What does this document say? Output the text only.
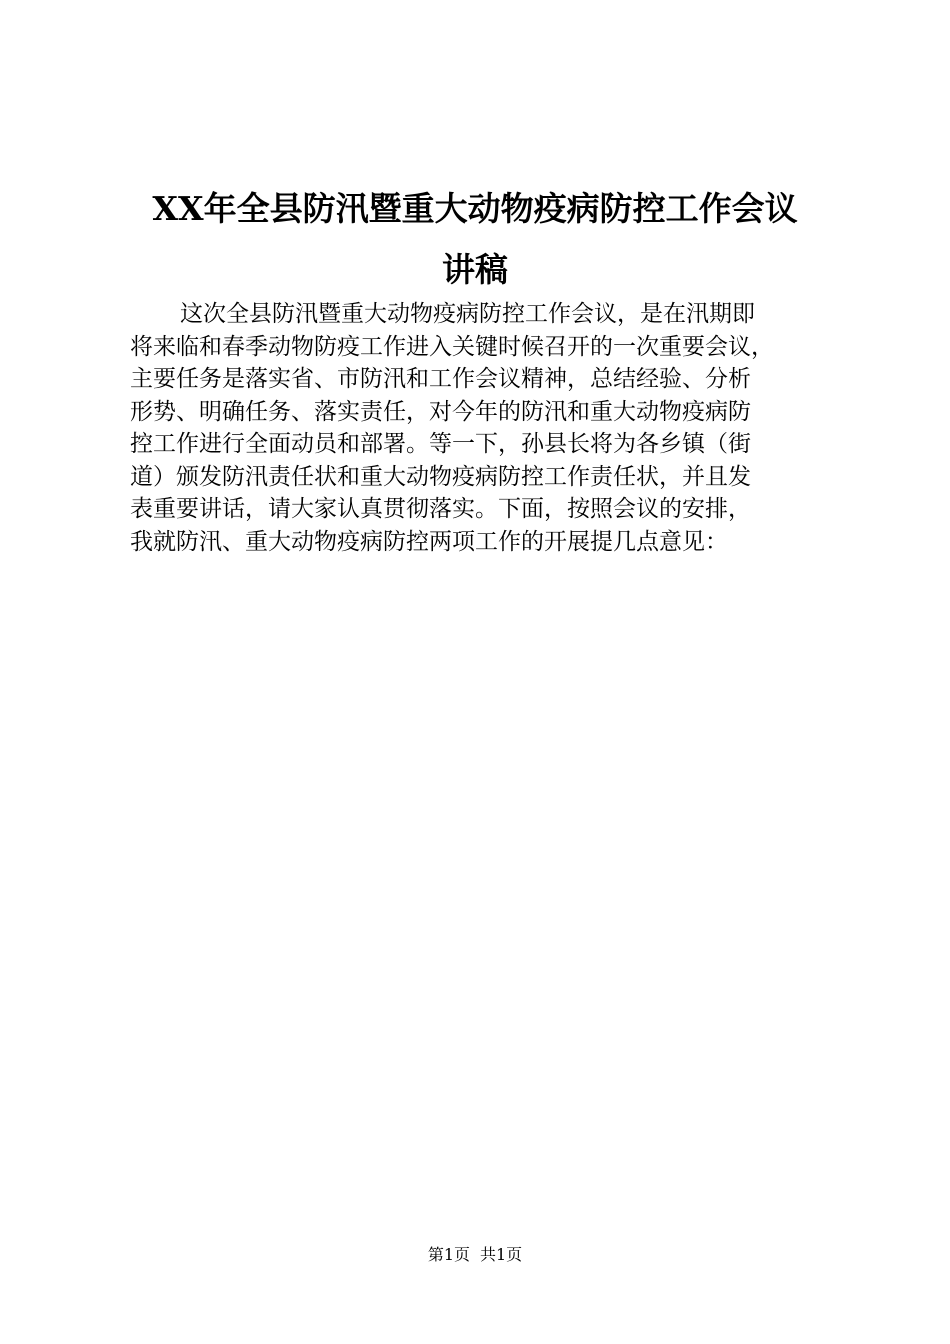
XX年全县防汛暨重大动物疫病防控工作会议
讲稿
这次全县防汛暨重大动物疫病防控工作会议，是在汛期即
将来临和春季动物防疫工作进入关键时候召开的一次重要会议，
主要任务是落实省、市防汛和工作会议精神，总结经验、分析
形势、明确任务、落实责任，对今年的防汛和重大动物疫病防
控工作进行全面动员和部署。等一下，孙县长将为各乡镇（街
道）颁发防汛责任状和重大动物疫病防控工作责任状，并且发
表重要讲话，请大家认真贯彻落实。下面，按照会议的安排，
我就防汛、重大动物疫病防控两项工作的开展提几点意见：
第1页 共1页
